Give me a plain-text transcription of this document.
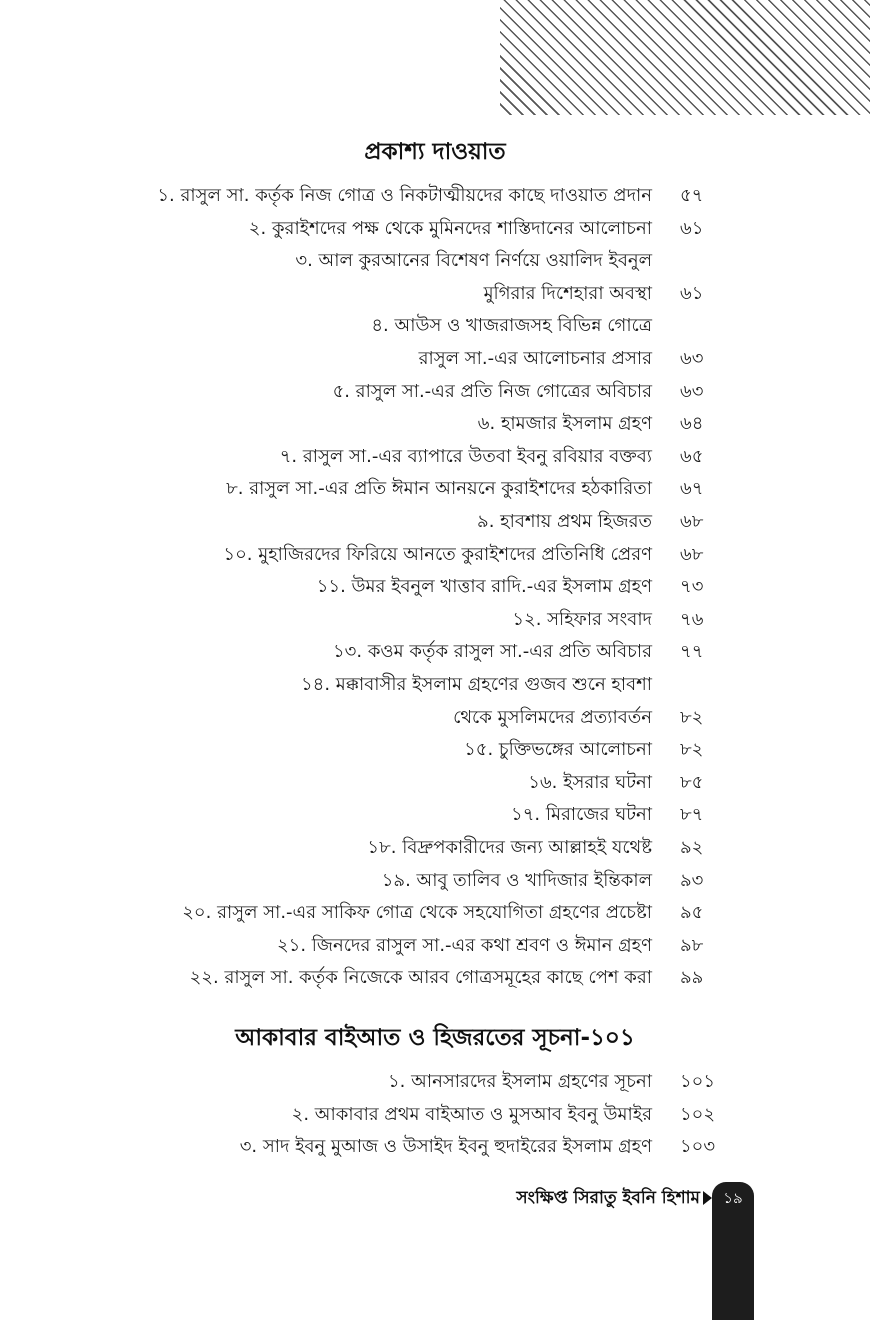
প্রকাশ্য দাওয়াত
১. রাসুল সা. কর্তৃক নিজ গোত্র ও নিকটাত্মীয়দের কাছে দাওয়াত প্রদান ৫৭
২. কুরাইশদের পক্ষ থেকে মুমিনদের শাস্তিদানের আলোচনা ৬১
৩. আল কুরআনের বিশেষণ নির্ণয়ে ওয়ালিদ ইবনুল
মুগিরার দিশেহারা অবস্থা ৬১
৪. আউস ও খাজরাজসহ বিভিন্ন গোত্রে
রাসুল সা.-এর আলোচনার প্রসার ৬৩
৫. রাসুল সা.-এর প্রতি নিজ গোত্রের অবিচার ৬৩
৬. হামজার ইসলাম গ্রহণ ৬৪
৭. রাসুল সা.-এর ব্যাপারে উতবা ইবনু রবিয়ার বক্তব্য ৬৫
৮. রাসুল সা.-এর প্রতি ঈমান আনয়নে কুরাইশদের হঠকারিতা ৬৭
৯. হাবশায় প্রথম হিজরত ৬৮
১০. মুহাজিরদের ফিরিয়ে আনতে কুরাইশদের প্রতিনিধি প্রেরণ ৬৮
১১. উমর ইবনুল খাত্তাব রাদি.-এর ইসলাম গ্রহণ ৭৩
১২. সহিফার সংবাদ ৭৬
১৩. কওম কর্তৃক রাসুল সা.-এর প্রতি অবিচার ৭৭
১৪. মক্কাবাসীর ইসলাম গ্রহণের গুজব শুনে হাবশা
থেকে মুসলিমদের প্রত্যাবর্তন ৮২
১৫. চুক্তিভঙ্গের আলোচনা ৮২
১৬. ইসরার ঘটনা ৮৫
১৭. মিরাজের ঘটনা ৮৭
১৮. বিদ্রুপকারীদের জন্য আল্লাহই যথেষ্ট ৯২
১৯. আবু তালিব ও খাদিজার ইন্তিকাল ৯৩
২০. রাসুল সা.-এর সাকিফ গোত্র থেকে সহযোগিতা গ্রহণের প্রচেষ্টা ৯৫
২১. জিনদের রাসুল সা.-এর কথা শ্রবণ ও ঈমান গ্রহণ ৯৮
২২. রাসুল সা. কর্তৃক নিজেকে আরব গোত্রসমূহের কাছে পেশ করা ৯৯
১. আনসারদের ইসলাম গ্রহণের সূচনা ১০১
২. আকাবার প্রথম বাইআত ও মুসআব ইবনু উমাইর ১০২
৩. সাদ ইবনু মুআজ ও উসাইদ ইবনু হুদাইরের ইসলাম গ্রহণ ১০৩
আকাবার বাইআত ও হিজরতের সূচনা-১০১
সংক্ষিপ্ত সিরাতু ইবনি হিশাম	১৯
